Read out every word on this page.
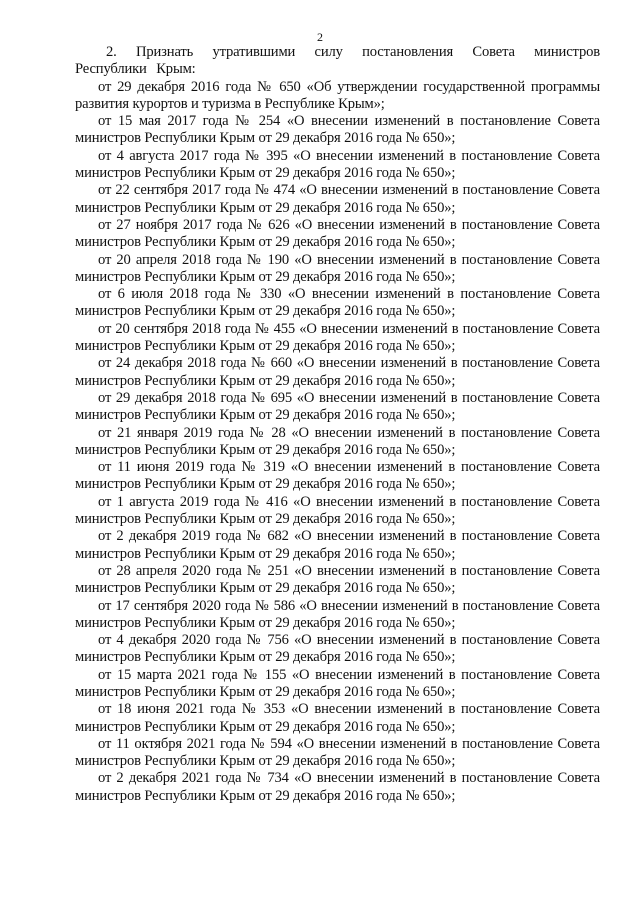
2

2. Признать утратившими силу постановления Совета министров Республики Крым:

от 29 декабря 2016 года № 650 «Об утверждении государственной программы развития курортов и туризма в Республике Крым»;

от 15 мая 2017 года № 254 «О внесении изменений в постановление Совета министров Республики Крым от 29 декабря 2016 года № 650»;

от 4 августа 2017 года № 395 «О внесении изменений в постановление Совета министров Республики Крым от 29 декабря 2016 года № 650»;

от 22 сентября 2017 года № 474 «О внесении изменений в постановление Совета министров Республики Крым от 29 декабря 2016 года № 650»;

от 27 ноября 2017 года № 626 «О внесении изменений в постановление Совета министров Республики Крым от 29 декабря 2016 года № 650»;

от 20 апреля 2018 года № 190 «О внесении изменений в постановление Совета министров Республики Крым от 29 декабря 2016 года № 650»;

от 6 июля 2018 года № 330 «О внесении изменений в постановление Совета министров Республики Крым от 29 декабря 2016 года № 650»;

от 20 сентября 2018 года № 455 «О внесении изменений в постановление Совета министров Республики Крым от 29 декабря 2016 года № 650»;

от 24 декабря 2018 года № 660 «О внесении изменений в постановление Совета министров Республики Крым от 29 декабря 2016 года № 650»;

от 29 декабря 2018 года № 695 «О внесении изменений в постановление Совета министров Республики Крым от 29 декабря 2016 года № 650»;

от 21 января 2019 года № 28 «О внесении изменений в постановление Совета министров Республики Крым от 29 декабря 2016 года № 650»;

от 11 июня 2019 года № 319 «О внесении изменений в постановление Совета министров Республики Крым от 29 декабря 2016 года № 650»;

от 1 августа 2019 года № 416 «О внесении изменений в постановление Совета министров Республики Крым от 29 декабря 2016 года № 650»;

от 2 декабря 2019 года № 682 «О внесении изменений в постановление Совета министров Республики Крым от 29 декабря 2016 года № 650»;

от 28 апреля 2020 года № 251 «О внесении изменений в постановление Совета министров Республики Крым от 29 декабря 2016 года № 650»;

от 17 сентября 2020 года № 586 «О внесении изменений в постановление Совета министров Республики Крым от 29 декабря 2016 года № 650»;

от 4 декабря 2020 года № 756 «О внесении изменений в постановление Совета министров Республики Крым от 29 декабря 2016 года № 650»;

от 15 марта 2021 года № 155 «О внесении изменений в постановление Совета министров Республики Крым от 29 декабря 2016 года № 650»;

от 18 июня 2021 года № 353 «О внесении изменений в постановление Совета министров Республики Крым от 29 декабря 2016 года № 650»;

от 11 октября 2021 года № 594 «О внесении изменений в постановление Совета министров Республики Крым от 29 декабря 2016 года № 650»;

от 2 декабря 2021 года № 734 «О внесении изменений в постановление Совета министров Республики Крым от 29 декабря 2016 года № 650»;
